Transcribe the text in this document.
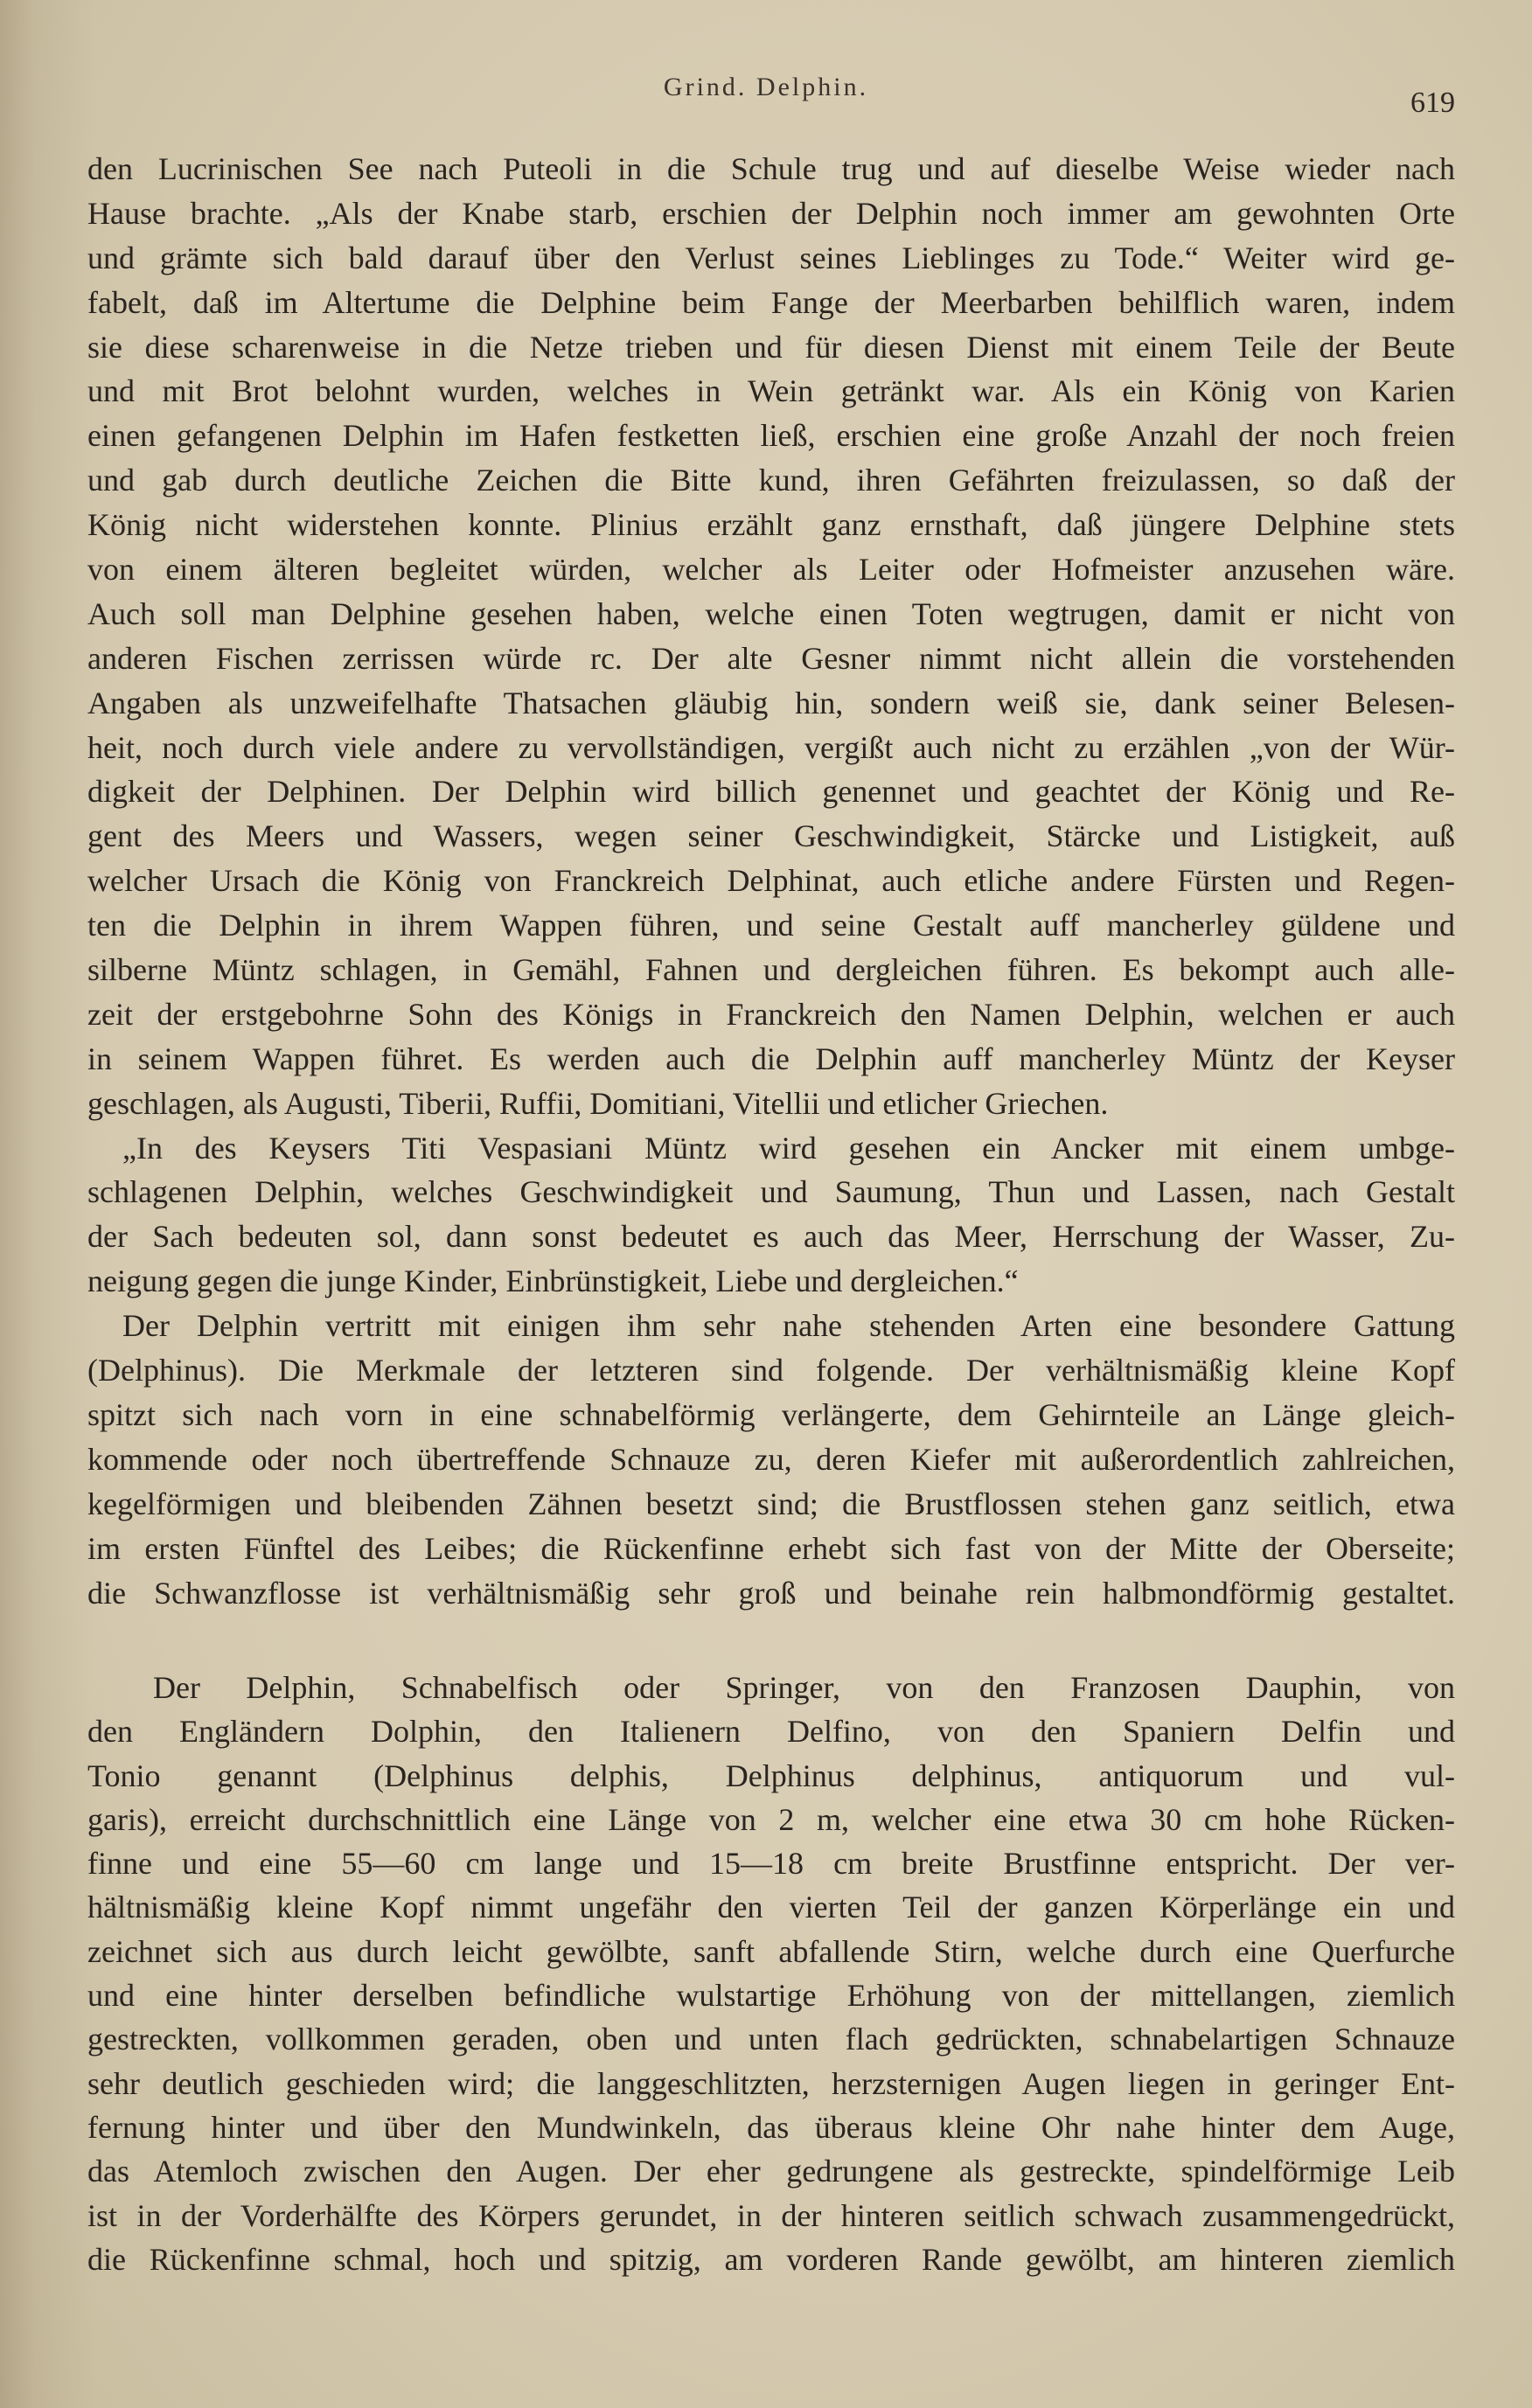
Grind. Delphin.	619
den Lucrinischen See nach Puteoli in die Schule trug und auf dieselbe Weise wieder nach
Hause brachte. „Als der Knabe starb, erschien der Delphin noch immer am gewohnten Orte
und grämte sich bald darauf über den Verlust seines Lieblinges zu Tode.“ Weiter wird ge-
fabelt, daß im Altertume die Delphine beim Fange der Meerbarben behilflich waren, indem
sie diese scharenweise in die Netze trieben und für diesen Dienst mit einem Teile der Beute
und mit Brot belohnt wurden, welches in Wein getränkt war. Als ein König von Karien
einen gefangenen Delphin im Hafen festketten ließ, erschien eine große Anzahl der noch freien
und gab durch deutliche Zeichen die Bitte kund, ihren Gefährten freizulassen, so daß der
König nicht widerstehen konnte. Plinius erzählt ganz ernsthaft, daß jüngere Delphine stets
von einem älteren begleitet würden, welcher als Leiter oder Hofmeister anzusehen wäre.
Auch soll man Delphine gesehen haben, welche einen Toten wegtrugen, damit er nicht von
anderen Fischen zerrissen würde rc. Der alte Gesner nimmt nicht allein die vorstehenden
Angaben als unzweifelhafte Thatsachen gläubig hin, sondern weiß sie, dank seiner Belesen-
heit, noch durch viele andere zu vervollständigen, vergißt auch nicht zu erzählen „von der Wür-
digkeit der Delphinen. Der Delphin wird billich genennet und geachtet der König und Re-
gent des Meers und Wassers, wegen seiner Geschwindigkeit, Stärcke und Listigkeit, auß
welcher Ursach die König von Franckreich Delphinat, auch etliche andere Fürsten und Regen-
ten die Delphin in ihrem Wappen führen, und seine Gestalt auff mancherley güldene und
silberne Müntz schlagen, in Gemähl, Fahnen und dergleichen führen. Es bekompt auch alle-
zeit der erstgebohrne Sohn des Königs in Franckreich den Namen Delphin, welchen er auch
in seinem Wappen führet. Es werden auch die Delphin auff mancherley Müntz der Keyser
geschlagen, als Augusti, Tiberii, Ruffii, Domitiani, Vitellii und etlicher Griechen.
„In des Keysers Titi Vespasiani Müntz wird gesehen ein Ancker mit einem umbge-
schlagenen Delphin, welches Geschwindigkeit und Saumung, Thun und Lassen, nach Gestalt
der Sach bedeuten sol, dann sonst bedeutet es auch das Meer, Herrschung der Wasser, Zu-
neigung gegen die junge Kinder, Einbrünstigkeit, Liebe und dergleichen.“
Der Delphin vertritt mit einigen ihm sehr nahe stehenden Arten eine besondere Gattung
(Delphinus). Die Merkmale der letzteren sind folgende. Der verhältnismäßig kleine Kopf
spitzt sich nach vorn in eine schnabelförmig verlängerte, dem Gehirnteile an Länge gleich-
kommende oder noch übertreffende Schnauze zu, deren Kiefer mit außerordentlich zahlreichen,
kegelförmigen und bleibenden Zähnen besetzt sind; die Brustflossen stehen ganz seitlich, etwa
im ersten Fünftel des Leibes; die Rückenfinne erhebt sich fast von der Mitte der Oberseite;
die Schwanzflosse ist verhältnismäßig sehr groß und beinahe rein halbmondförmig gestaltet.
Der Delphin, Schnabelfisch oder Springer, von den Franzosen Dauphin, von
den Engländern Dolphin, den Italienern Delfino, von den Spaniern Delfin und
Tonio genannt (Delphinus delphis, Delphinus delphinus, antiquorum und vul-
garis), erreicht durchschnittlich eine Länge von 2 m, welcher eine etwa 30 cm hohe Rücken-
finne und eine 55—60 cm lange und 15—18 cm breite Brustfinne entspricht. Der ver-
hältnismäßig kleine Kopf nimmt ungefähr den vierten Teil der ganzen Körperlänge ein und
zeichnet sich aus durch leicht gewölbte, sanft abfallende Stirn, welche durch eine Querfurche
und eine hinter derselben befindliche wulstartige Erhöhung von der mittellangen, ziemlich
gestreckten, vollkommen geraden, oben und unten flach gedrückten, schnabelartigen Schnauze
sehr deutlich geschieden wird; die langgeschlitzten, herzsternigen Augen liegen in geringer Ent-
fernung hinter und über den Mundwinkeln, das überaus kleine Ohr nahe hinter dem Auge,
das Atemloch zwischen den Augen. Der eher gedrungene als gestreckte, spindelförmige Leib
ist in der Vorderhälfte des Körpers gerundet, in der hinteren seitlich schwach zusammengedrückt,
die Rückenfinne schmal, hoch und spitzig, am vorderen Rande gewölbt, am hinteren ziemlich
